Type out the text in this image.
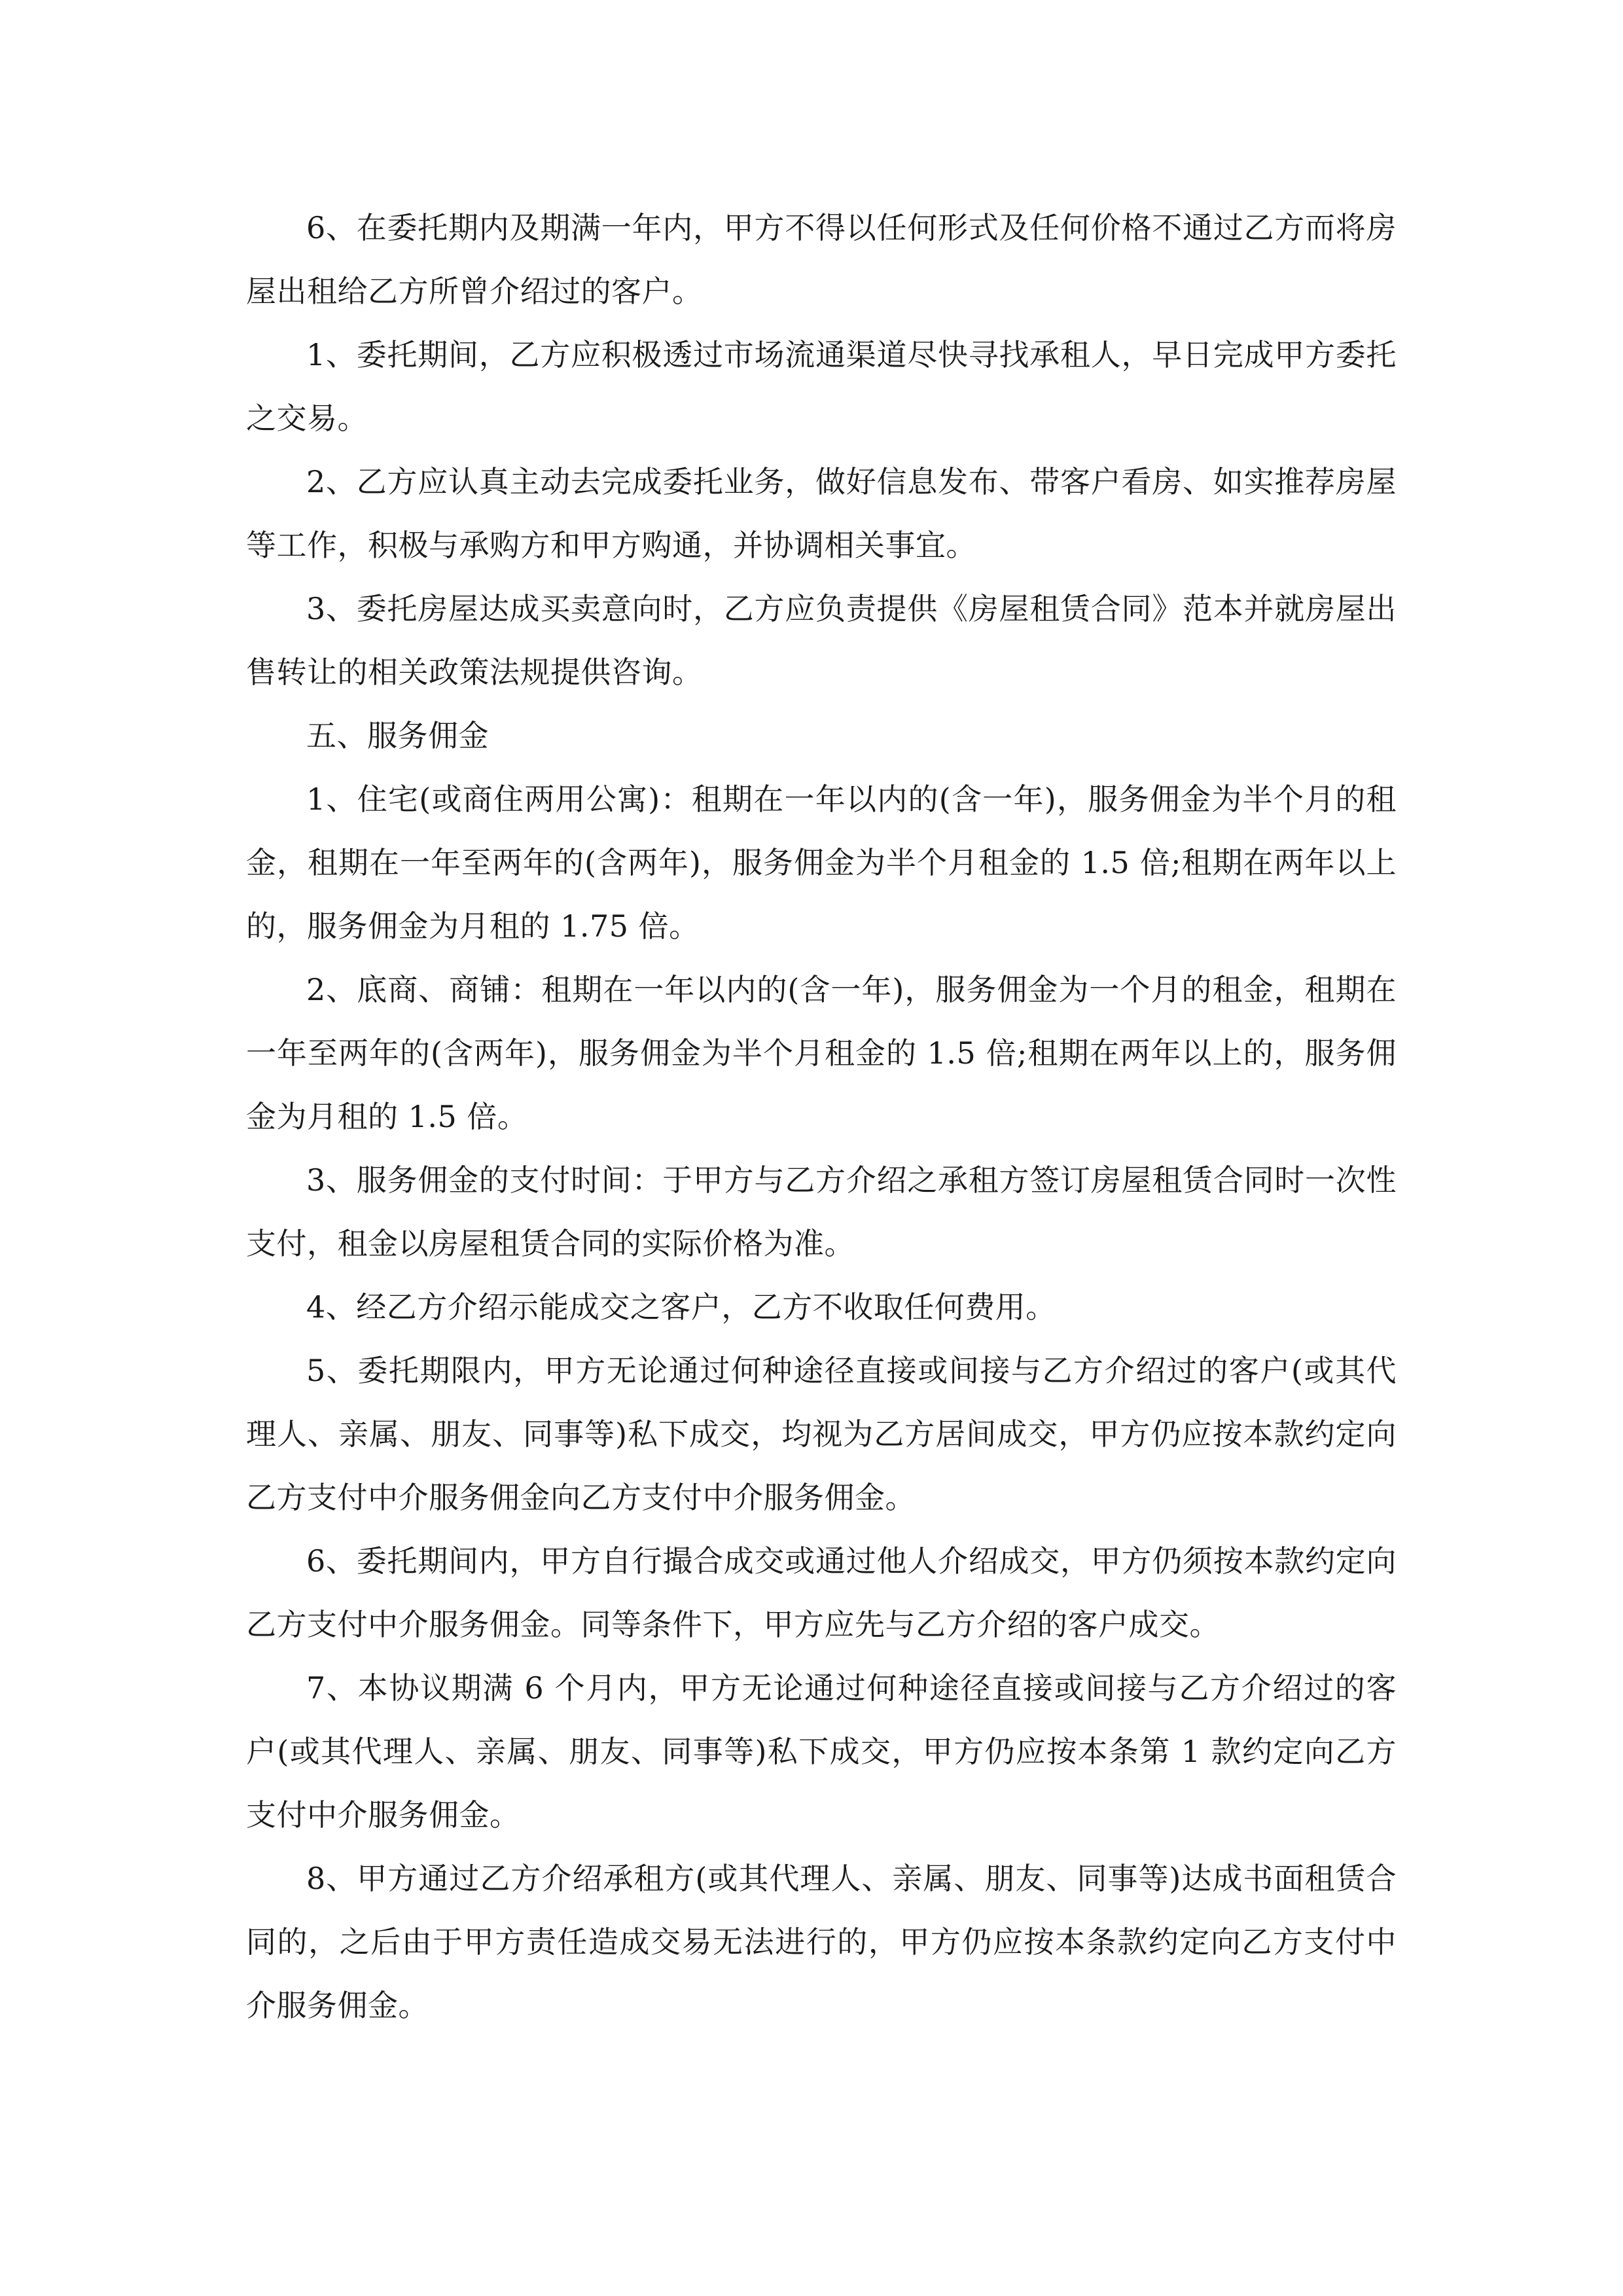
6、在委托期内及期满一年内，甲方不得以任何形式及任何价格不通过乙方而将房屋出租给乙方所曾介绍过的客户。

1、委托期间，乙方应积极透过市场流通渠道尽快寻找承租人，早日完成甲方委托之交易。

2、乙方应认真主动去完成委托业务，做好信息发布、带客户看房、如实推荐房屋等工作，积极与承购方和甲方购通，并协调相关事宜。

3、委托房屋达成买卖意向时，乙方应负责提供《房屋租赁合同》范本并就房屋出售转让的相关政策法规提供咨询。

五、服务佣金

1、住宅(或商住两用公寓)：租期在一年以内的(含一年)，服务佣金为半个月的租金，租期在一年至两年的(含两年)，服务佣金为半个月租金的 1.5 倍;租期在两年以上的，服务佣金为月租的 1.75 倍。

2、底商、商铺：租期在一年以内的(含一年)，服务佣金为一个月的租金，租期在一年至两年的(含两年)，服务佣金为半个月租金的 1.5 倍;租期在两年以上的，服务佣金为月租的 1.5 倍。

3、服务佣金的支付时间：于甲方与乙方介绍之承租方签订房屋租赁合同时一次性支付，租金以房屋租赁合同的实际价格为准。

4、经乙方介绍示能成交之客户，乙方不收取任何费用。

5、委托期限内，甲方无论通过何种途径直接或间接与乙方介绍过的客户(或其代理人、亲属、朋友、同事等)私下成交，均视为乙方居间成交，甲方仍应按本款约定向乙方支付中介服务佣金向乙方支付中介服务佣金。

6、委托期间内，甲方自行撮合成交或通过他人介绍成交，甲方仍须按本款约定向乙方支付中介服务佣金。同等条件下，甲方应先与乙方介绍的客户成交。

7、本协议期满 6 个月内，甲方无论通过何种途径直接或间接与乙方介绍过的客户(或其代理人、亲属、朋友、同事等)私下成交，甲方仍应按本条第 1 款约定向乙方支付中介服务佣金。

8、甲方通过乙方介绍承租方(或其代理人、亲属、朋友、同事等)达成书面租赁合同的，之后由于甲方责任造成交易无法进行的，甲方仍应按本条款约定向乙方支付中介服务佣金。
